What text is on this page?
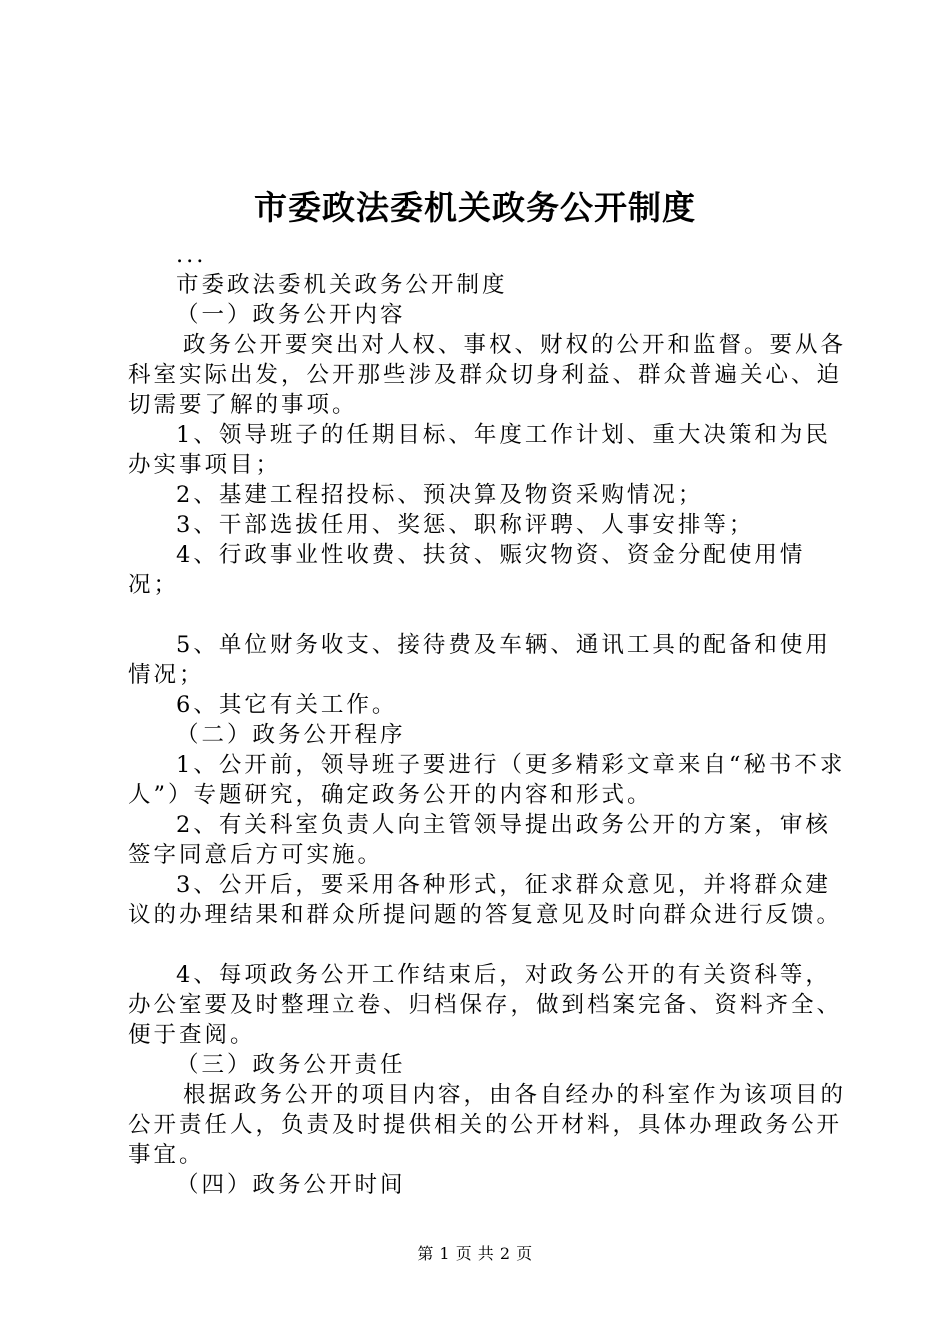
市委政法委机关政务公开制度

...

市委政法委机关政务公开制度

（一）政务公开内容

政务公开要突出对人权、事权、财权的公开和监督。要从各科室实际出发，公开那些涉及群众切身利益、群众普遍关心、迫切需要了解的事项。

1、领导班子的任期目标、年度工作计划、重大决策和为民办实事项目；

2、基建工程招投标、预决算及物资采购情况；

3、干部选拔任用、奖惩、职称评聘、人事安排等；

4、行政事业性收费、扶贫、赈灾物资、资金分配使用情况；

5、单位财务收支、接待费及车辆、通讯工具的配备和使用情况；

6、其它有关工作。

（二）政务公开程序

1、公开前，领导班子要进行（更多精彩文章来自“秘书不求人”）专题研究，确定政务公开的内容和形式。

2、有关科室负责人向主管领导提出政务公开的方案，审核签字同意后方可实施。

3、公开后，要采用各种形式，征求群众意见，并将群众建议的办理结果和群众所提问题的答复意见及时向群众进行反馈。

4、每项政务公开工作结束后，对政务公开的有关资科等，办公室要及时整理立卷、归档保存，做到档案完备、资料齐全、便于查阅。

（三）政务公开责任

根据政务公开的项目内容，由各自经办的科室作为该项目的公开责任人，负责及时提供相关的公开材料，具体办理政务公开事宜。

（四）政务公开时间

第 1 页 共 2 页
